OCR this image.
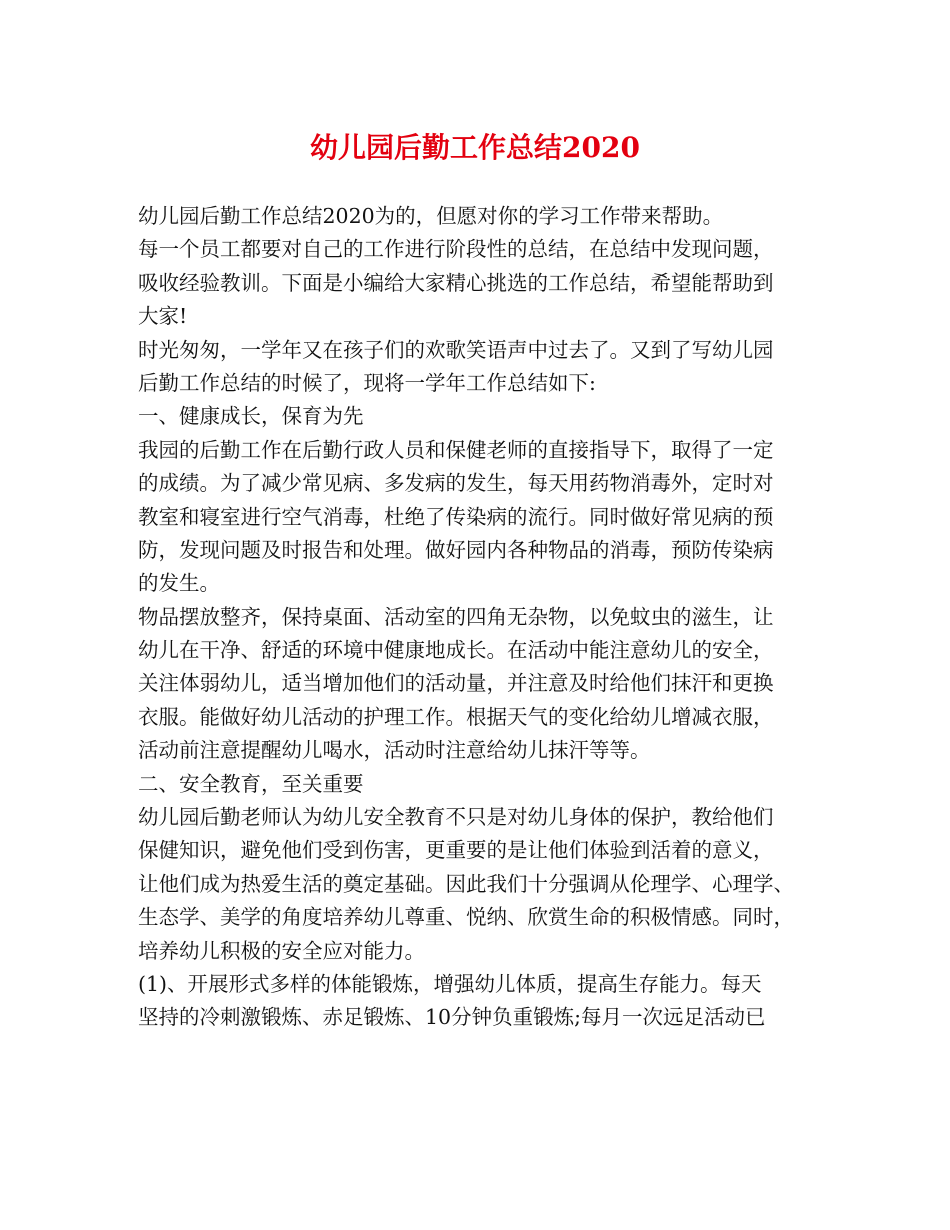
幼儿园后勤工作总结2020
幼儿园后勤工作总结2020为的，但愿对你的学习工作带来帮助。
每一个员工都要对自己的工作进行阶段性的总结，在总结中发现问题，
吸收经验教训。下面是小编给大家精心挑选的工作总结，希望能帮助到
大家!
时光匆匆，一学年又在孩子们的欢歌笑语声中过去了。又到了写幼儿园
后勤工作总结的时候了，现将一学年工作总结如下:
一、健康成长，保育为先
我园的后勤工作在后勤行政人员和保健老师的直接指导下，取得了一定
的成绩。为了减少常见病、多发病的发生，每天用药物消毒外，定时对
教室和寝室进行空气消毒，杜绝了传染病的流行。同时做好常见病的预
防，发现问题及时报告和处理。做好园内各种物品的消毒，预防传染病
的发生。
物品摆放整齐，保持桌面、活动室的四角无杂物，以免蚊虫的滋生，让
幼儿在干净、舒适的环境中健康地成长。在活动中能注意幼儿的安全，
关注体弱幼儿，适当增加他们的活动量，并注意及时给他们抹汗和更换
衣服。能做好幼儿活动的护理工作。根据天气的变化给幼儿增减衣服，
活动前注意提醒幼儿喝水，活动时注意给幼儿抹汗等等。
二、安全教育，至关重要
幼儿园后勤老师认为幼儿安全教育不只是对幼儿身体的保护，教给他们
保健知识，避免他们受到伤害，更重要的是让他们体验到活着的意义，
让他们成为热爱生活的奠定基础。因此我们十分强调从伦理学、心理学、
生态学、美学的角度培养幼儿尊重、悦纳、欣赏生命的积极情感。同时，
培养幼儿积极的安全应对能力。
(1)、开展形式多样的体能锻炼，增强幼儿体质，提高生存能力。每天
坚持的冷刺激锻炼、赤足锻炼、10分钟负重锻炼;每月一次远足活动已
